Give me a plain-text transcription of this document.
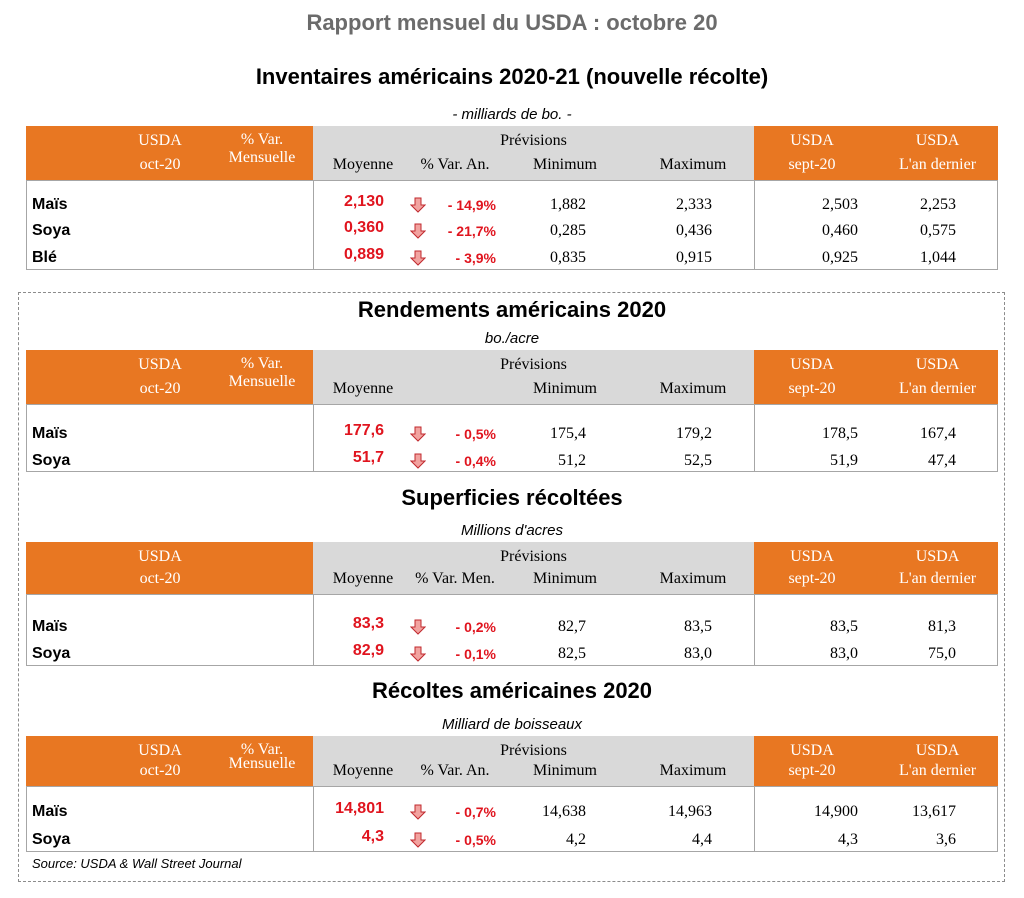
Rapport mensuel du USDA : octobre 20
Inventaires américains 2020-21 (nouvelle récolte)
- milliards de bo. -
USDA
oct-20
% Var.
Mensuelle
Prévisions
Moyenne	% Var. An.	Minimum	Maximum
USDA
sept-20
USDA
L'an dernier
Maïs	2,130	- 14,9%	1,882	2,333	2,503	2,253
Soya	0,360	- 21,7%	0,285	0,436	0,460	0,575
Blé	0,889	- 3,9%	0,835	0,915	0,925	1,044
Rendements américains 2020
bo./acre
USDA
oct-20
% Var.
Mensuelle
Prévisions
Moyenne	Minimum	Maximum
USDA
sept-20
USDA
L'an dernier
Maïs	177,6	- 0,5%	175,4	179,2	178,5	167,4
Soya	51,7	- 0,4%	51,2	52,5	51,9	47,4
Superficies récoltées
Millions d'acres
USDA
oct-20
Prévisions
Moyenne	% Var. Men.	Minimum	Maximum
USDA
sept-20
USDA
L'an dernier
Maïs	83,3	- 0,2%	82,7	83,5	83,5	81,3
Soya	82,9	- 0,1%	82,5	83,0	83,0	75,0
Récoltes américaines 2020
Milliard de boisseaux
USDA
oct-20
% Var.
Mensuelle
Prévisions
Moyenne	% Var. An.	Minimum	Maximum
USDA
sept-20
USDA
L'an dernier
Maïs	14,801	- 0,7%	14,638	14,963	14,900	13,617
Soya	4,3	- 0,5%	4,2	4,4	4,3	3,6
Source: USDA & Wall Street Journal
